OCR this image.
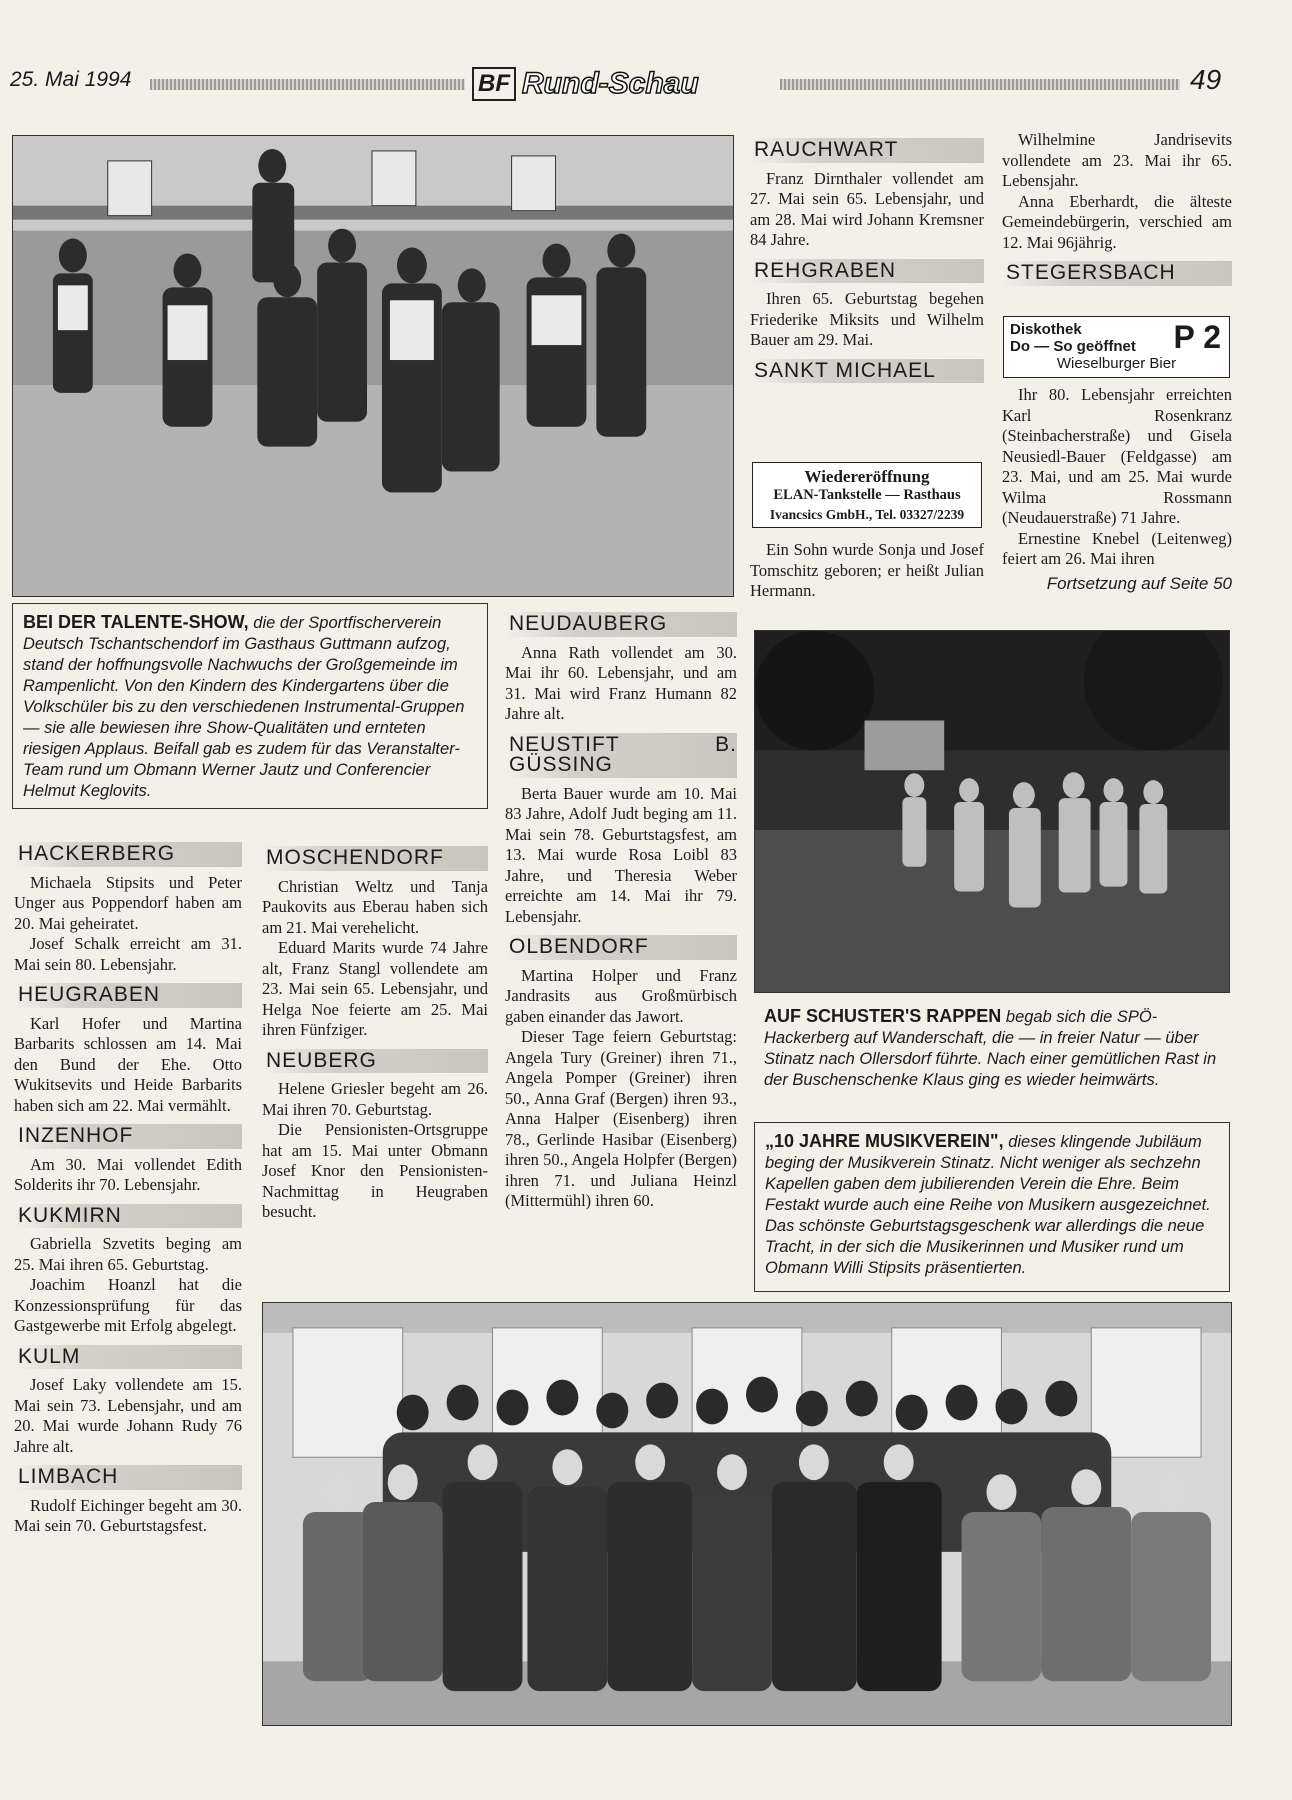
25. Mai 1994	BF Rund-Schau	49
BEI DER TALENTE-SHOW, die der Sportfischerverein Deutsch Tschantschendorf im Gasthaus Guttmann aufzog, stand der hoffnungsvolle Nachwuchs der Großgemeinde im Rampenlicht. Von den Kindern des Kindergartens über die Volkschüler bis zu den verschiedenen Instrumental-Gruppen — sie alle bewiesen ihre Show-Qualitäten und ernteten riesigen Applaus. Beifall gab es zudem für das Veranstalter-Team rund um Obmann Werner Jautz und Conferencier Helmut Keglovits.
RAUCHWART

Franz Dirnthaler vollendet am 27. Mai sein 65. Lebensjahr, und am 28. Mai wird Johann Kremsner 84 Jahre.

REHGRABEN

Ihren 65. Geburtstag begehen Friederike Miksits und Wilhelm Bauer am 29. Mai.

SANKT MICHAEL
Wiedereröffnung
ELAN-Tankstelle — Rasthaus
Ivancsics GmbH., Tel. 03327/2239

Ein Sohn wurde Sonja und Josef Tomschitz geboren; er heißt Julian Hermann.

Wilhelmine Jandrisevits vollendete am 23. Mai ihr 65. Lebensjahr.

Anna Eberhardt, die älteste Gemeindebürgerin, verschied am 12. Mai 96jährig.

STEGERSBACH
Diskothek
Do — So geöffnet
Wieselburger Bier
P 2

Ihr 80. Lebensjahr erreichten Karl Rosenkranz (Steinbacherstraße) und Gisela Neusiedl-Bauer (Feldgasse) am 23. Mai, und am 25. Mai wurde Wilma Rossmann (Neudauerstraße) 71 Jahre.

Ernestine Knebel (Leitenweg) feiert am 26. Mai ihren

Fortsetzung auf Seite 50
NEUDAUBERG

Anna Rath vollendet am 30. Mai ihr 60. Lebensjahr, und am 31. Mai wird Franz Humann 82 Jahre alt.

NEUSTIFT B. GÜSSING

Berta Bauer wurde am 10. Mai 83 Jahre, Adolf Judt beging am 11. Mai sein 78. Geburtstagsfest, am 13. Mai wurde Rosa Loibl 83 Jahre, und Theresia Weber erreichte am 14. Mai ihr 79. Lebensjahr.

OLBENDORF

Martina Holper und Franz Jandrasits aus Großmürbisch gaben einander das Jawort.

Dieser Tage feiern Geburtstag: Angela Tury (Greiner) ihren 71., Angela Pomper (Greiner) ihren 50., Anna Graf (Bergen) ihren 93., Anna Halper (Eisenberg) ihren 78., Gerlinde Hasibar (Eisenberg) ihren 50., Angela Holpfer (Bergen) ihren 71. und Juliana Heinzl (Mittermühl) ihren 60.

HACKERBERG

Michaela Stipsits und Peter Unger aus Poppendorf haben am 20. Mai geheiratet.

Josef Schalk erreicht am 31. Mai sein 80. Lebensjahr.

HEUGRABEN

Karl Hofer und Martina Barbarits schlossen am 14. Mai den Bund der Ehe. Otto Wukitsevits und Heide Barbarits haben sich am 22. Mai vermählt.

INZENHOF

Am 30. Mai vollendet Edith Solderits ihr 70. Lebensjahr.

KUKMIRN

Gabriella Szvetits beging am 25. Mai ihren 65. Geburtstag.

Joachim Hoanzl hat die Konzessionsprüfung für das Gastgewerbe mit Erfolg abgelegt.

KULM

Josef Laky vollendete am 15. Mai sein 73. Lebensjahr, und am 20. Mai wurde Johann Rudy 76 Jahre alt.

LIMBACH

Rudolf Eichinger begeht am 30. Mai sein 70. Geburtstagsfest.

MOSCHENDORF

Christian Weltz und Tanja Paukovits aus Eberau haben sich am 21. Mai verehelicht.

Eduard Marits wurde 74 Jahre alt, Franz Stangl vollendete am 23. Mai sein 65. Lebensjahr, und Helga Noe feierte am 25. Mai ihren Fünfziger.

NEUBERG

Helene Griesler begeht am 26. Mai ihren 70. Geburtstag.

Die Pensionisten-Ortsgruppe hat am 15. Mai unter Obmann Josef Knor den Pensionisten-Nachmittag in Heugraben besucht.

AUF SCHUSTER'S RAPPEN begab sich die SPÖ-Hackerberg auf Wanderschaft, die — in freier Natur — über Stinatz nach Ollersdorf führte. Nach einer gemütlichen Rast in der Buschenschenke Klaus ging es wieder heimwärts.
„10 JAHRE MUSIKVEREIN", dieses klingende Jubiläum beging der Musikverein Stinatz. Nicht weniger als sechzehn Kapellen gaben dem jubilierenden Verein die Ehre. Beim Festakt wurde auch eine Reihe von Musikern ausgezeichnet. Das schönste Geburtstagsgeschenk war allerdings die neue Tracht, in der sich die Musikerinnen und Musiker rund um Obmann Willi Stipsits präsentierten.
